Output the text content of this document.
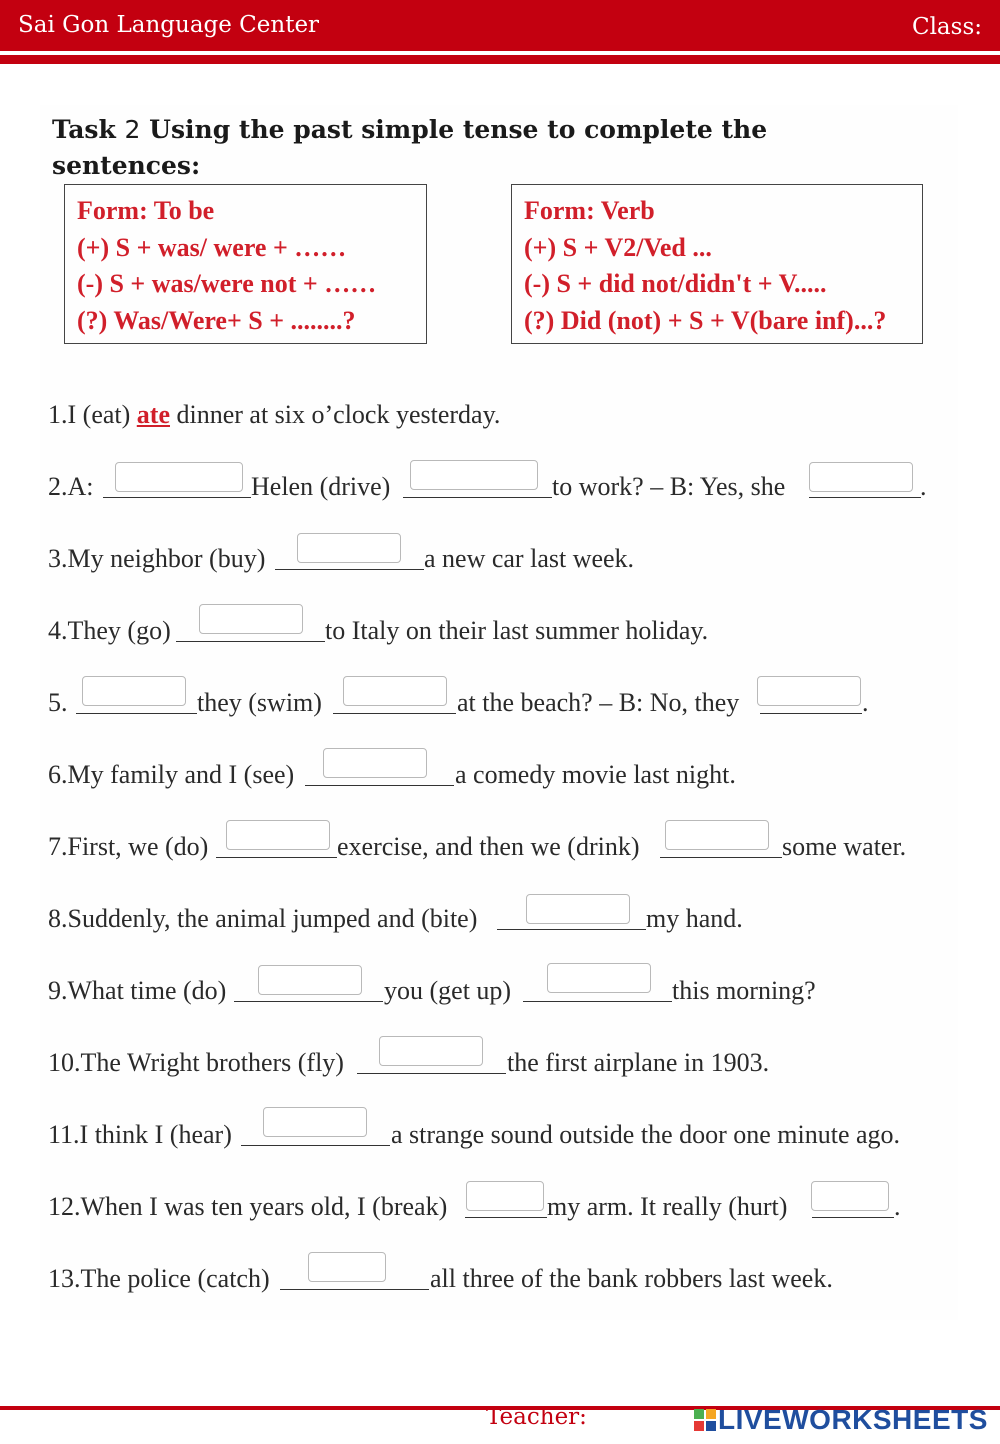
Sai Gon Language Center	Class:
Task 2 Using the past simple tense to complete the
sentences:
Form: To be
(+) S + was/ were + ……
(-) S + was/were not + ……
(?) Was/Were+ S + ........?
Form: Verb
(+) S + V2/Ved ...
(-) S + did not/didn't + V.....
(?) Did (not) + S + V(bare inf)...?
1.I (eat) ate dinner at six o’clock yesterday.
2.A:	Helen (drive)	to work? – B: Yes, she	.
3.My neighbor (buy)	a new car last week.
4.They (go)	to Italy on their last summer holiday.
5.	they (swim)	at the beach? – B: No, they	.
6.My family and I (see)	a comedy movie last night.
7.First, we (do)	exercise, and then we (drink)	some water.
8.Suddenly, the animal jumped and (bite)	my hand.
9.What time (do)	you (get up)	this morning?
10.The Wright brothers (fly)	the first airplane in 1903.
11.I think I (hear)	a strange sound outside the door one minute ago.
12.When I was ten years old, I (break)	my arm. It really (hurt)	.
13.The police (catch)	all three of the bank robbers last week.
Teacher:	LIVEWORKSHEETS
